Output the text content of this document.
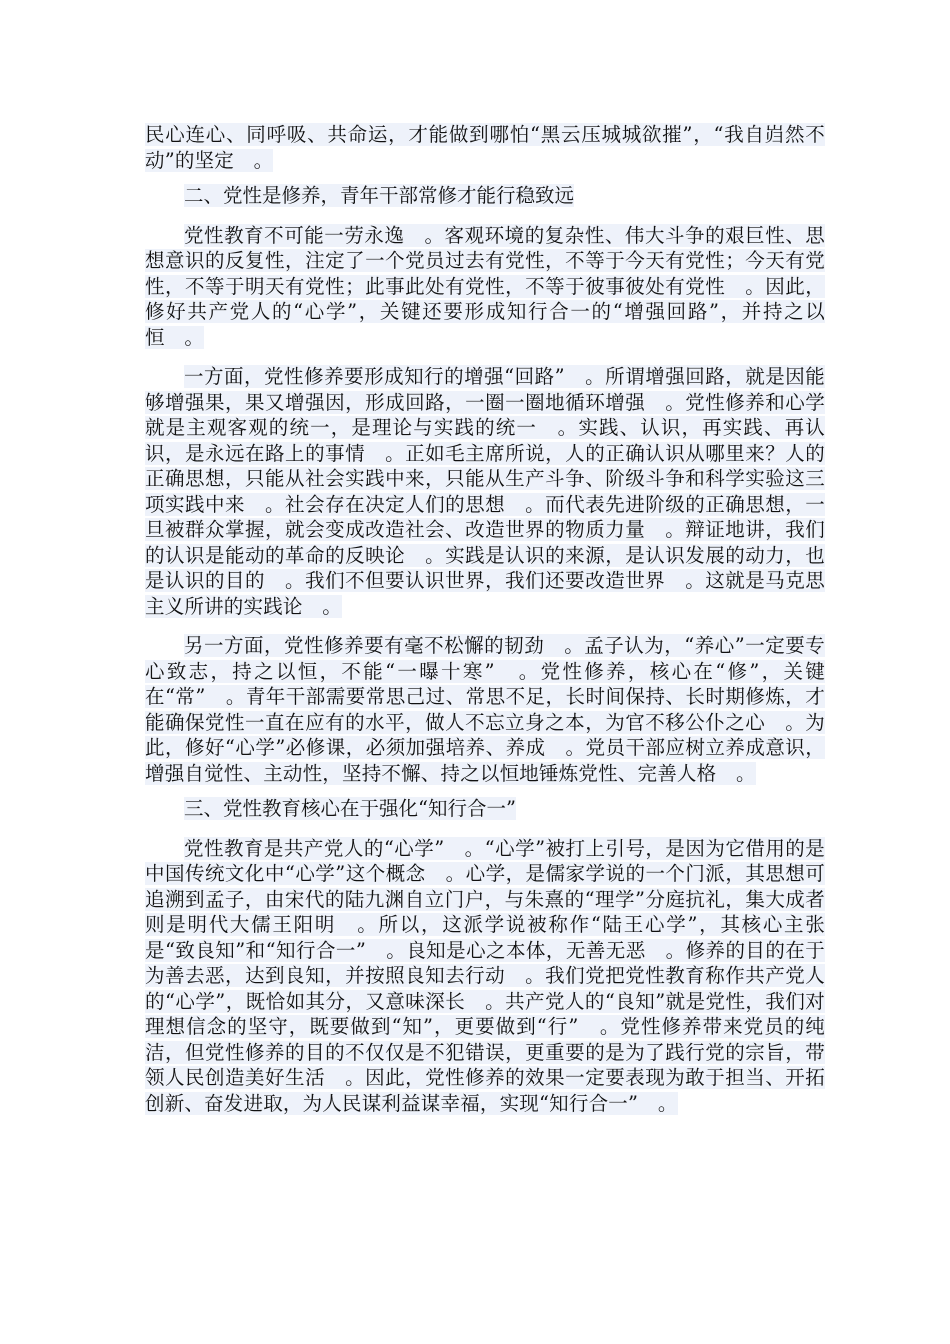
民心连心、同呼吸、共命运，才能做到哪怕“黑云压城城欲摧”，“我自岿然不动”的坚定　。

二、党性是修养，青年干部常修才能行稳致远

党性教育不可能一劳永逸　。客观环境的复杂性、伟大斗争的艰巨性、思想意识的反复性，注定了一个党员过去有党性，不等于今天有党性；今天有党性，不等于明天有党性；此事此处有党性，不等于彼事彼处有党性　。因此，修好共产党人的“心学”，关键还要形成知行合一的“增强回路”，并持之以恒　。

一方面，党性修养要形成知行的增强“回路”　。所谓增强回路，就是因能够增强果，果又增强因，形成回路，一圈一圈地循环增强　。党性修养和心学就是主观客观的统一，是理论与实践的统一　。实践、认识，再实践、再认识，是永远在路上的事情　。正如毛主席所说，人的正确认识从哪里来？人的正确思想，只能从社会实践中来，只能从生产斗争、阶级斗争和科学实验这三项实践中来　。社会存在决定人们的思想　。而代表先进阶级的正确思想，一旦被群众掌握，就会变成改造社会、改造世界的物质力量　。辩证地讲，我们的认识是能动的革命的反映论　。实践是认识的来源，是认识发展的动力，也是认识的目的　。我们不但要认识世界，我们还要改造世界　。这就是马克思主义所讲的实践论　。

另一方面，党性修养要有毫不松懈的韧劲　。孟子认为，“养心”一定要专心致志，持之以恒，不能“一曝十寒”　。党性修养，核心在“修”，关键在“常”　。青年干部需要常思己过、常思不足，长时间保持、长时期修炼，才能确保党性一直在应有的水平，做人不忘立身之本，为官不移公仆之心　。为此，修好“心学”必修课，必须加强培养、养成　。党员干部应树立养成意识，增强自觉性、主动性，坚持不懈、持之以恒地锤炼党性、完善人格　。

三、党性教育核心在于强化“知行合一”

党性教育是共产党人的“心学”　。“心学”被打上引号，是因为它借用的是中国传统文化中“心学”这个概念　。心学，是儒家学说的一个门派，其思想可追溯到孟子，由宋代的陆九渊自立门户，与朱熹的“理学”分庭抗礼，集大成者则是明代大儒王阳明　。所以，这派学说被称作“陆王心学”，其核心主张是“致良知”和“知行合一”　。良知是心之本体，无善无恶　。修养的目的在于为善去恶，达到良知，并按照良知去行动　。我们党把党性教育称作共产党人的“心学”，既恰如其分，又意味深长　。共产党人的“良知”就是党性，我们对理想信念的坚守，既要做到“知”，更要做到“行”　。党性修养带来党员的纯洁，但党性修养的目的不仅仅是不犯错误，更重要的是为了践行党的宗旨，带领人民创造美好生活　。因此，党性修养的效果一定要表现为敢于担当、开拓创新、奋发进取，为人民谋利益谋幸福，实现“知行合一”　。
